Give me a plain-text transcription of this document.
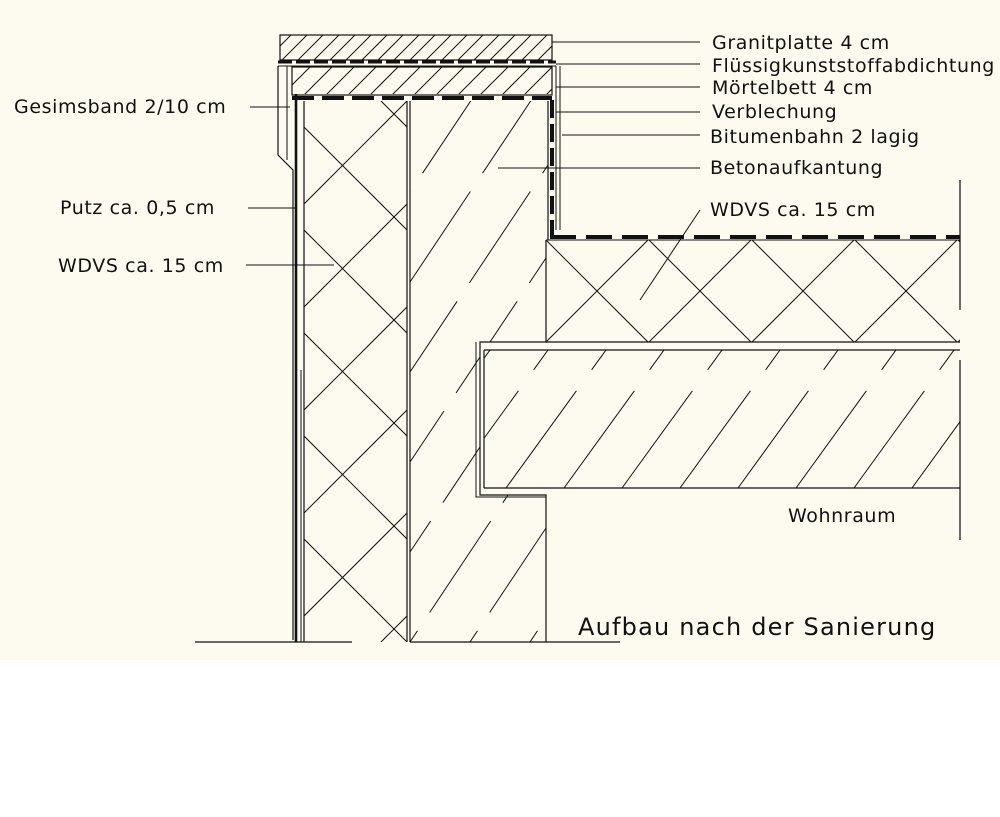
Granitplatte 4 cm
Flüssigkunststoffabdichtung
Mörtelbett 4 cm
Verblechung
Bitumenbahn 2 lagig
Betonaufkantung
WDVS ca. 15 cm
Gesimsband 2/10 cm
Putz ca. 0,5 cm
WDVS ca. 15 cm
Wohnraum
Aufbau nach der Sanierung
